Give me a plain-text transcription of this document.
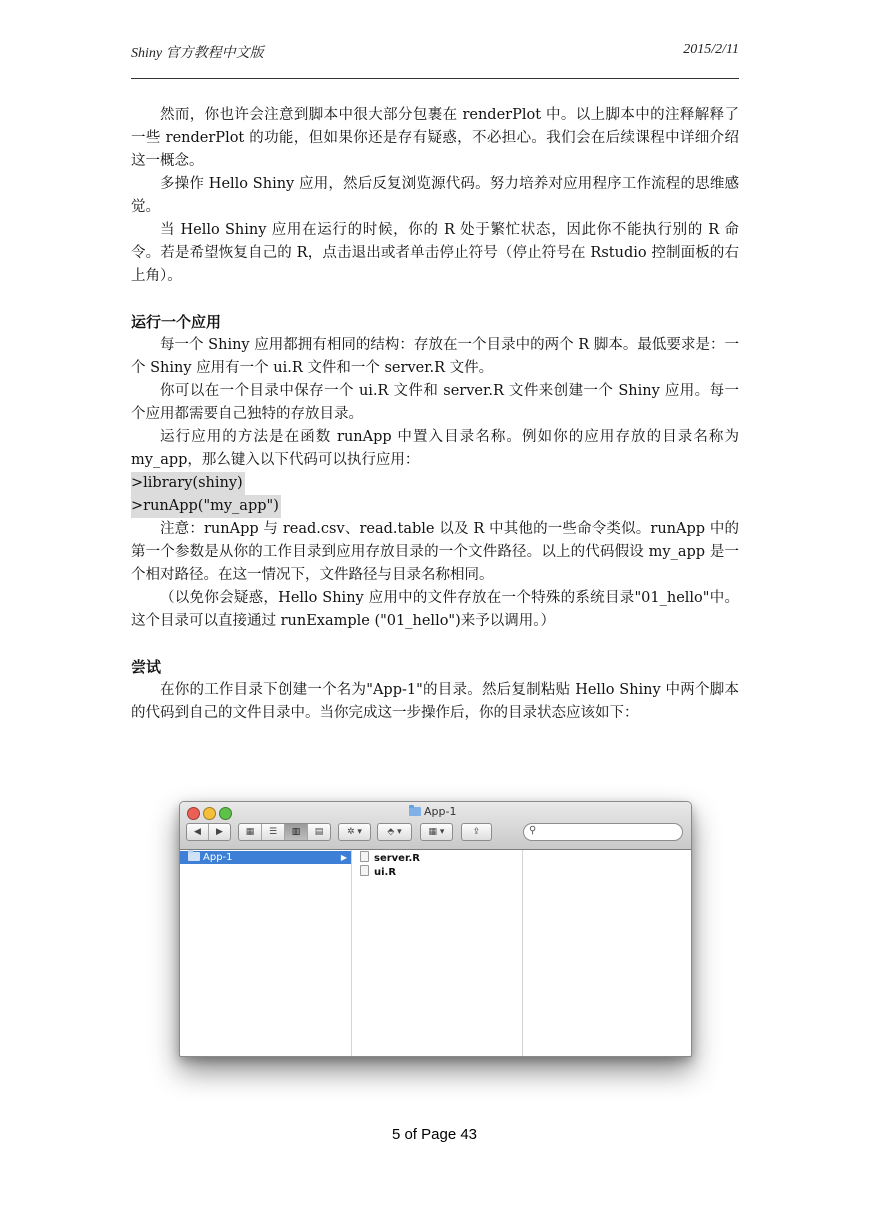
Shiny 官方教程中文版	2015/2/11

然而，你也许会注意到脚本中很大部分包裹在 renderPlot 中。以上脚本中的注释解释了一些 renderPlot 的功能，但如果你还是存有疑惑，不必担心。我们会在后续课程中详细介绍这一概念。

多操作 Hello Shiny 应用，然后反复浏览源代码。努力培养对应用程序工作流程的思维感觉。

当 Hello Shiny 应用在运行的时候，你的 R 处于繁忙状态，因此你不能执行别的 R 命令。若是希望恢复自己的 R，点击退出或者单击停止符号（停止符号在 Rstudio 控制面板的右上角）。

运行一个应用

每一个 Shiny 应用都拥有相同的结构：存放在一个目录中的两个 R 脚本。最低要求是：一个 Shiny 应用有一个 ui.R 文件和一个 server.R 文件。

你可以在一个目录中保存一个 ui.R 文件和 server.R 文件来创建一个 Shiny 应用。每一个应用都需要自己独特的存放目录。

运行应用的方法是在函数 runApp 中置入目录名称。例如你的应用存放的目录名称为 my_app，那么键入以下代码可以执行应用：

>library(shiny)
>runApp("my_app")

注意：runApp 与 read.csv、read.table 以及 R 中其他的一些命令类似。runApp 中的第一个参数是从你的工作目录到应用存放目录的一个文件路径。以上的代码假设 my_app 是一个相对路径。在这一情况下，文件路径与目录名称相同。

（以免你会疑惑，Hello Shiny 应用中的文件存放在一个特殊的系统目录"01_hello"中。这个目录可以直接通过 runExample ("01_hello")来予以调用。）

尝试

在你的工作目录下创建一个名为"App-1"的目录。然后复制粘贴 Hello Shiny 中两个脚本的代码到自己的文件目录中。当你完成这一步操作后，你的目录状态应该如下：

App-1
◀	▶	▦	☰	▥	▤	✲ ▾	⬘ ▾	▦ ▾	⇪	⚲
App-1	▶	server.R
ui.R
5 of Page 43
